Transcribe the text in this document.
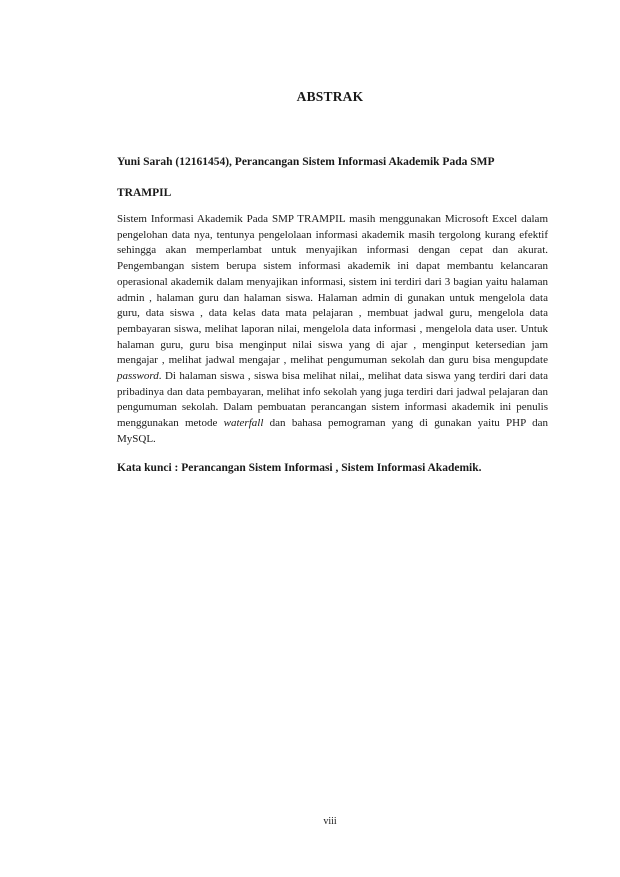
ABSTRAK
Yuni Sarah (12161454), Perancangan Sistem Informasi Akademik Pada SMP
TRAMPIL
Sistem Informasi Akademik Pada SMP TRAMPIL masih menggunakan Microsoft Excel dalam pengelohan data nya, tentunya pengelolaan informasi akademik masih tergolong kurang efektif sehingga akan memperlambat untuk menyajikan informasi dengan cepat dan akurat. Pengembangan sistem berupa sistem informasi akademik ini dapat membantu kelancaran operasional akademik dalam menyajikan informasi, sistem ini terdiri dari 3 bagian yaitu halaman admin , halaman guru dan halaman siswa. Halaman admin di gunakan untuk mengelola data guru, data siswa , data kelas data mata pelajaran , membuat jadwal guru, mengelola data pembayaran siswa, melihat laporan nilai, mengelola data informasi , mengelola data user. Untuk halaman guru, guru bisa menginput nilai siswa yang di ajar , menginput ketersedian jam mengajar , melihat jadwal mengajar , melihat pengumuman sekolah dan guru bisa mengupdate password. Di halaman siswa , siswa bisa melihat nilai,, melihat data siswa yang terdiri dari data pribadinya dan data pembayaran, melihat info sekolah yang juga terdiri dari jadwal pelajaran dan pengumuman sekolah. Dalam pembuatan perancangan sistem informasi akademik ini penulis menggunakan metode waterfall dan bahasa pemograman yang di gunakan yaitu PHP dan MySQL.
Kata kunci : Perancangan Sistem Informasi , Sistem Informasi Akademik.
viii
